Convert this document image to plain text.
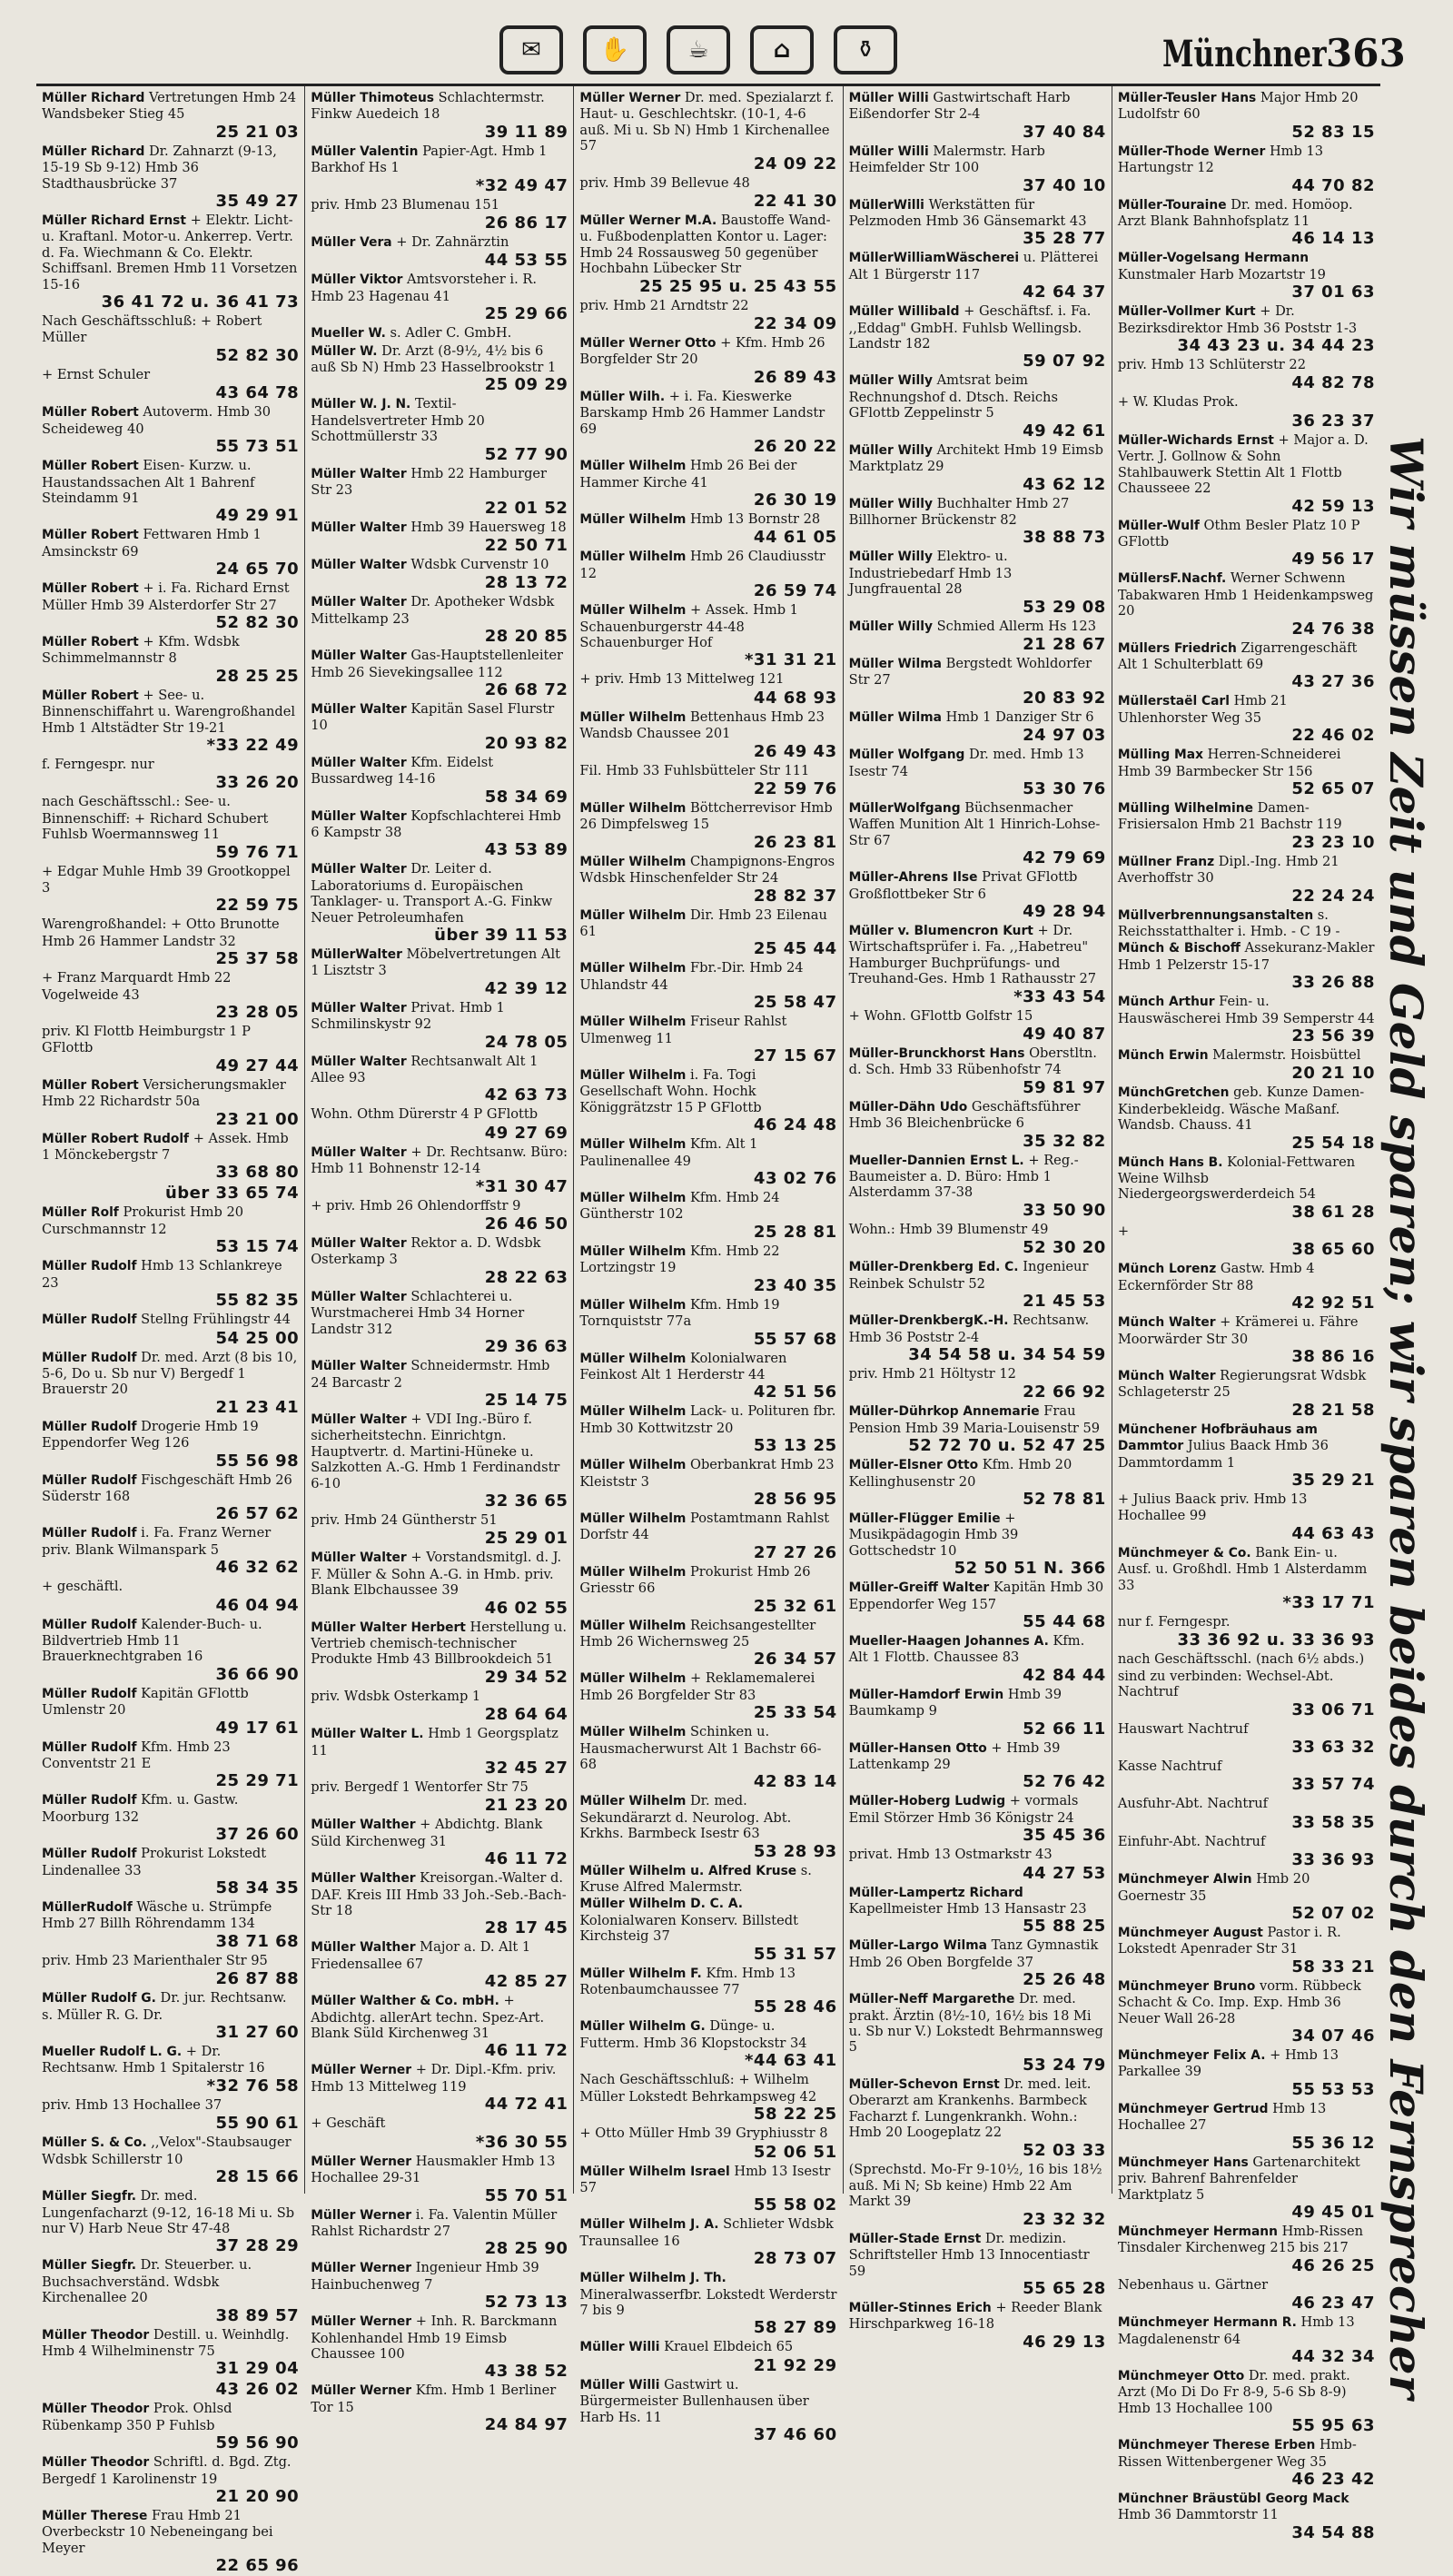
✉	✋	☕	⌂	⚱	Münchner 363
Müller Richard Vertretungen Hmb 24 Wandsbeker Stieg 45
25 21 03
Müller Richard Dr. Zahnarzt (9-13, 15-19 Sb 9-12) Hmb 36 Stadthausbrücke 37
35 49 27
Müller Richard Ernst + Elektr. Licht- u. Kraftanl. Motor-u. Ankerrep. Vertr. d. Fa. Wiechmann & Co. Elektr. Schiffsanl. Bremen Hmb 11 Vorsetzen 15-16
36 41 72 u. 36 41 73
Nach Geschäftsschluß: + Robert Müller
52 82 30
+ Ernst Schuler
43 64 78
Müller Robert Autoverm. Hmb 30 Scheideweg 40
55 73 51
Müller Robert Eisen- Kurzw. u. Haustandssachen Alt 1 Bahrenf Steindamm 91
49 29 91
Müller Robert Fettwaren Hmb 1 Amsinckstr 69
24 65 70
Müller Robert + i. Fa. Richard Ernst Müller Hmb 39 Alsterdorfer Str 27
52 82 30
Müller Robert + Kfm. Wdsbk Schimmelmannstr 8
28 25 25
Müller Robert + See- u. Binnenschiffahrt u. Warengroßhandel Hmb 1 Altstädter Str 19-21
*33 22 49
f. Ferngespr. nur
33 26 20
nach Geschäftsschl.: See- u. Binnenschiff: + Richard Schubert Fuhlsb Woermannsweg 11
59 76 71
+ Edgar Muhle Hmb 39 Grootkoppel 3
22 59 75
Warengroßhandel: + Otto Brunotte Hmb 26 Hammer Landstr 32
25 37 58
+ Franz Marquardt Hmb 22 Vogelweide 43
23 28 05
priv. Kl Flottb Heimburgstr 1 P GFlottb
49 27 44
Müller Robert Versicherungsmakler Hmb 22 Richardstr 50a
23 21 00
Müller Robert Rudolf + Assek. Hmb 1 Mönckebergstr 7
33 68 80
über 33 65 74
Müller Rolf Prokurist Hmb 20 Curschmannstr 12
53 15 74
Müller Rudolf Hmb 13 Schlankreye 23
55 82 35
Müller Rudolf Stellng Frühlingstr 44
54 25 00
Müller Rudolf Dr. med. Arzt (8 bis 10, 5-6, Do u. Sb nur V) Bergedf 1 Brauerstr 20
21 23 41
Müller Rudolf Drogerie Hmb 19 Eppendorfer Weg 126
55 56 98
Müller Rudolf Fischgeschäft Hmb 26 Süderstr 168
26 57 62
Müller Rudolf i. Fa. Franz Werner priv. Blank Wilmanspark 5
46 32 62
+ geschäftl.
46 04 94
Müller Rudolf Kalender-Buch- u. Bildvertrieb Hmb 11 Brauerknechtgraben 16
36 66 90
Müller Rudolf Kapitän GFlottb Umlenstr 20
49 17 61
Müller Rudolf Kfm. Hmb 23 Conventstr 21 E
25 29 71
Müller Rudolf Kfm. u. Gastw. Moorburg 132
37 26 60
Müller Rudolf Prokurist Lokstedt Lindenallee 33
58 34 35
MüllerRudolf Wäsche u. Strümpfe Hmb 27 Billh Röhrendamm 134
38 71 68
priv. Hmb 23 Marienthaler Str 95
26 87 88
Müller Rudolf G. Dr. jur. Rechtsanw. s. Müller R. G. Dr.
31 27 60
Mueller Rudolf L. G. + Dr. Rechtsanw. Hmb 1 Spitalerstr 16
*32 76 58
priv. Hmb 13 Hochallee 37
55 90 61
Müller S. & Co. ,,Velox"-Staubsauger Wdsbk Schillerstr 10
28 15 66
Müller Siegfr. Dr. med. Lungenfacharzt (9-12, 16-18 Mi u. Sb nur V) Harb Neue Str 47-48
37 28 29
Müller Siegfr. Dr. Steuerber. u. Buchsachverständ. Wdsbk Kirchenallee 20
38 89 57
Müller Theodor Destill. u. Weinhdlg. Hmb 4 Wilhelminenstr 75
31 29 04
43 26 02
Müller Theodor Prok. Ohlsd Rübenkamp 350 P Fuhlsb
59 56 90
Müller Theodor Schriftl. d. Bgd. Ztg. Bergedf 1 Karolinenstr 19
21 20 90
Müller Therese Frau Hmb 21 Overbeckstr 10 Nebeneingang bei Meyer
22 65 96
Müller Thimoteus Schlachtermstr. Finkw Auedeich 18
39 11 89
Müller Valentin Papier-Agt. Hmb 1 Barkhof Hs 1
*32 49 47
priv. Hmb 23 Blumenau 151
26 86 17
Müller Vera + Dr. Zahnärztin
44 53 55
Müller Viktor Amtsvorsteher i. R. Hmb 23 Hagenau 41
25 29 66
Mueller W. s. Adler C. GmbH.
Müller W. Dr. Arzt (8-9½, 4½ bis 6 auß Sb N) Hmb 23 Hasselbrookstr 1
25 09 29
Müller W. J. N. Textil-Handelsvertreter Hmb 20 Schottmüllerstr 33
52 77 90
Müller Walter Hmb 22 Hamburger Str 23
22 01 52
Müller Walter Hmb 39 Hauersweg 18
22 50 71
Müller Walter Wdsbk Curvenstr 10
28 13 72
Müller Walter Dr. Apotheker Wdsbk Mittelkamp 23
28 20 85
Müller Walter Gas-Hauptstellenleiter Hmb 26 Sievekingsallee 112
26 68 72
Müller Walter Kapitän Sasel Flurstr 10
20 93 82
Müller Walter Kfm. Eidelst Bussardweg 14-16
58 34 69
Müller Walter Kopfschlachterei Hmb 6 Kampstr 38
43 53 89
Müller Walter Dr. Leiter d. Laboratoriums d. Europäischen Tanklager- u. Transport A.-G. Finkw Neuer Petroleumhafen
über 39 11 53
MüllerWalter Möbelvertretungen Alt 1 Lisztstr 3
42 39 12
Müller Walter Privat. Hmb 1 Schmilinskystr 92
24 78 05
Müller Walter Rechtsanwalt Alt 1 Allee 93
42 63 73
Wohn. Othm Dürerstr 4 P GFlottb
49 27 69
Müller Walter + Dr. Rechtsanw. Büro: Hmb 11 Bohnenstr 12-14
*31 30 47
+ priv. Hmb 26 Ohlendorffstr 9
26 46 50
Müller Walter Rektor a. D. Wdsbk Osterkamp 3
28 22 63
Müller Walter Schlachterei u. Wurstmacherei Hmb 34 Horner Landstr 312
29 36 63
Müller Walter Schneidermstr. Hmb 24 Barcastr 2
25 14 75
Müller Walter + VDI Ing.-Büro f. sicherheitstechn. Einrichtgn. Hauptvertr. d. Martini-Hüneke u. Salzkotten A.-G. Hmb 1 Ferdinandstr 6-10
32 36 65
priv. Hmb 24 Güntherstr 51
25 29 01
Müller Walter + Vorstandsmitgl. d. J. F. Müller & Sohn A.-G. in Hmb. priv. Blank Elbchaussee 39
46 02 55
Müller Walter Herbert Herstellung u. Vertrieb chemisch-technischer Produkte Hmb 43 Billbrookdeich 51
29 34 52
priv. Wdsbk Osterkamp 1
28 64 64
Müller Walter L. Hmb 1 Georgsplatz 11
32 45 27
priv. Bergedf 1 Wentorfer Str 75
21 23 20
Müller Walther + Abdichtg. Blank Süld Kirchenweg 31
46 11 72
Müller Walther Kreisorgan.-Walter d. DAF. Kreis III Hmb 33 Joh.-Seb.-Bach-Str 18
28 17 45
Müller Walther Major a. D. Alt 1 Friedensallee 67
42 85 27
Müller Walther & Co. mbH. + Abdichtg. allerArt techn. Spez-Art. Blank Süld Kirchenweg 31
46 11 72
Müller Werner + Dr. Dipl.-Kfm. priv. Hmb 13 Mittelweg 119
44 72 41
+ Geschäft
*36 30 55
Müller Werner Hausmakler Hmb 13 Hochallee 29-31
55 70 51
Müller Werner i. Fa. Valentin Müller Rahlst Richardstr 27
28 25 90
Müller Werner Ingenieur Hmb 39 Hainbuchenweg 7
52 73 13
Müller Werner + Inh. R. Barckmann Kohlenhandel Hmb 19 Eimsb Chaussee 100
43 38 52
Müller Werner Kfm. Hmb 1 Berliner Tor 15
24 84 97
Müller Werner Dr. med. Spezialarzt f. Haut- u. Geschlechtskr. (10-1, 4-6 auß. Mi u. Sb N) Hmb 1 Kirchenallee 57
24 09 22
priv. Hmb 39 Bellevue 48
22 41 30
Müller Werner M.A. Baustoffe Wand- u. Fußbodenplatten Kontor u. Lager: Hmb 24 Rossausweg 50 gegenüber Hochbahn Lübecker Str
25 25 95 u. 25 43 55
priv. Hmb 21 Arndtstr 22
22 34 09
Müller Werner Otto + Kfm. Hmb 26 Borgfelder Str 20
26 89 43
Müller Wilh. + i. Fa. Kieswerke Barskamp Hmb 26 Hammer Landstr 69
26 20 22
Müller Wilhelm Hmb 26 Bei der Hammer Kirche 41
26 30 19
Müller Wilhelm Hmb 13 Bornstr 28
44 61 05
Müller Wilhelm Hmb 26 Claudiusstr 12
26 59 74
Müller Wilhelm + Assek. Hmb 1 Schauenburgerstr 44-48 Schauenburger Hof
*31 31 21
+ priv. Hmb 13 Mittelweg 121
44 68 93
Müller Wilhelm Bettenhaus Hmb 23 Wandsb Chaussee 201
26 49 43
Fil. Hmb 33 Fuhlsbütteler Str 111
22 59 76
Müller Wilhelm Böttcherrevisor Hmb 26 Dimpfelsweg 15
26 23 81
Müller Wilhelm Champignons-Engros Wdsbk Hinschenfelder Str 24
28 82 37
Müller Wilhelm Dir. Hmb 23 Eilenau 61
25 45 44
Müller Wilhelm Fbr.-Dir. Hmb 24 Uhlandstr 44
25 58 47
Müller Wilhelm Friseur Rahlst Ulmenweg 11
27 15 67
Müller Wilhelm i. Fa. Togi Gesellschaft Wohn. Hochk Königgrätzstr 15 P GFlottb
46 24 48
Müller Wilhelm Kfm. Alt 1 Paulinenallee 49
43 02 76
Müller Wilhelm Kfm. Hmb 24 Güntherstr 102
25 28 81
Müller Wilhelm Kfm. Hmb 22 Lortzingstr 19
23 40 35
Müller Wilhelm Kfm. Hmb 19 Tornquiststr 77a
55 57 68
Müller Wilhelm Kolonialwaren Feinkost Alt 1 Herderstr 44
42 51 56
Müller Wilhelm Lack- u. Polituren fbr. Hmb 30 Kottwitzstr 20
53 13 25
Müller Wilhelm Oberbankrat Hmb 23 Kleiststr 3
28 56 95
Müller Wilhelm Postamtmann Rahlst Dorfstr 44
27 27 26
Müller Wilhelm Prokurist Hmb 26 Griesstr 66
25 32 61
Müller Wilhelm Reichsangestellter Hmb 26 Wichernsweg 25
26 34 57
Müller Wilhelm + Reklamemalerei Hmb 26 Borgfelder Str 83
25 33 54
Müller Wilhelm Schinken u. Hausmacherwurst Alt 1 Bachstr 66-68
42 83 14
Müller Wilhelm Dr. med. Sekundärarzt d. Neurolog. Abt. Krkhs. Barmbeck Isestr 63
53 28 93
Müller Wilhelm u. Alfred Kruse s. Kruse Alfred Malermstr.
Müller Wilhelm D. C. A. Kolonialwaren Konserv. Billstedt Kirchsteig 37
55 31 57
Müller Wilhelm F. Kfm. Hmb 13 Rotenbaumchaussee 77
55 28 46
Müller Wilhelm G. Dünge- u. Futterm. Hmb 36 Klopstockstr 34
*44 63 41
Nach Geschäftsschluß: + Wilhelm Müller Lokstedt Behrkampsweg 42
58 22 25
+ Otto Müller Hmb 39 Gryphiusstr 8
52 06 51
Müller Wilhelm Israel Hmb 13 Isestr 57
55 58 02
Müller Wilhelm J. A. Schlieter Wdsbk Traunsallee 16
28 73 07
Müller Wilhelm J. Th. Mineralwasserfbr. Lokstedt Werderstr 7 bis 9
58 27 89
Müller Willi Krauel Elbdeich 65
21 92 29
Müller Willi Gastwirt u. Bürgermeister Bullenhausen über Harb Hs. 11
37 46 60
Müller Willi Gastwirtschaft Harb Eißendorfer Str 2-4
37 40 84
Müller Willi Malermstr. Harb Heimfelder Str 100
37 40 10
MüllerWilli Werkstätten für Pelzmoden Hmb 36 Gänsemarkt 43
35 28 77
MüllerWilliamWäscherei u. Plätterei Alt 1 Bürgerstr 117
42 64 37
Müller Willibald + Geschäftsf. i. Fa. ,,Eddag" GmbH. Fuhlsb Wellingsb. Landstr 182
59 07 92
Müller Willy Amtsrat beim Rechnungshof d. Dtsch. Reichs GFlottb Zeppelinstr 5
49 42 61
Müller Willy Architekt Hmb 19 Eimsb Marktplatz 29
43 62 12
Müller Willy Buchhalter Hmb 27 Billhorner Brückenstr 82
38 88 73
Müller Willy Elektro- u. Industriebedarf Hmb 13 Jungfrauental 28
53 29 08
Müller Willy Schmied Allerm Hs 123
21 28 67
Müller Wilma Bergstedt Wohldorfer Str 27
20 83 92
Müller Wilma Hmb 1 Danziger Str 6
24 97 03
Müller Wolfgang Dr. med. Hmb 13 Isestr 74
53 30 76
MüllerWolfgang Büchsenmacher Waffen Munition Alt 1 Hinrich-Lohse-Str 67
42 79 69
Müller-Ahrens Ilse Privat GFlottb Großflottbeker Str 6
49 28 94
Müller v. Blumencron Kurt + Dr. Wirtschaftsprüfer i. Fa. ,,Habetreu" Hamburger Buchprüfungs- und Treuhand-Ges. Hmb 1 Rathausstr 27
*33 43 54
+ Wohn. GFlottb Golfstr 15
49 40 87
Müller-Brunckhorst Hans Oberstltn. d. Sch. Hmb 33 Rübenhofstr 74
59 81 97
Müller-Dähn Udo Geschäftsführer Hmb 36 Bleichenbrücke 6
35 32 82
Mueller-Dannien Ernst L. + Reg.-Baumeister a. D. Büro: Hmb 1 Alsterdamm 37-38
33 50 90
Wohn.: Hmb 39 Blumenstr 49
52 30 20
Müller-Drenkberg Ed. C. Ingenieur Reinbek Schulstr 52
21 45 53
Müller-DrenkbergK.-H. Rechtsanw. Hmb 36 Poststr 2-4
34 54 58 u. 34 54 59
priv. Hmb 21 Höltystr 12
22 66 92
Müller-Dührkop Annemarie Frau Pension Hmb 39 Maria-Louisenstr 59
52 72 70 u. 52 47 25
Müller-Elsner Otto Kfm. Hmb 20 Kellinghusenstr 20
52 78 81
Müller-Flügger Emilie + Musikpädagogin Hmb 39 Gottschedstr 10
52 50 51 N. 366
Müller-Greiff Walter Kapitän Hmb 30 Eppendorfer Weg 157
55 44 68
Mueller-Haagen Johannes A. Kfm. Alt 1 Flottb. Chaussee 83
42 84 44
Müller-Hamdorf Erwin Hmb 39 Baumkamp 9
52 66 11
Müller-Hansen Otto + Hmb 39 Lattenkamp 29
52 76 42
Müller-Hoberg Ludwig + vormals Emil Störzer Hmb 36 Königstr 24
35 45 36
privat. Hmb 13 Ostmarkstr 43
44 27 53
Müller-Lampertz Richard Kapellmeister Hmb 13 Hansastr 23
55 88 25
Müller-Largo Wilma Tanz Gymnastik Hmb 26 Oben Borgfelde 37
25 26 48
Müller-Neff Margarethe Dr. med. prakt. Ärztin (8½-10, 16½ bis 18 Mi u. Sb nur V.) Lokstedt Behrmannsweg 5
53 24 79
Müller-Schevon Ernst Dr. med. leit. Oberarzt am Krankenhs. Barmbeck Facharzt f. Lungenkrankh. Wohn.: Hmb 20 Loogeplatz 22
52 03 33
(Sprechstd. Mo-Fr 9-10½, 16 bis 18½ auß. Mi N; Sb keine) Hmb 22 Am Markt 39
23 32 32
Müller-Stade Ernst Dr. medizin. Schriftsteller Hmb 13 Innocentiastr 59
55 65 28
Müller-Stinnes Erich + Reeder Blank Hirschparkweg 16-18
46 29 13
Müller-Teusler Hans Major Hmb 20 Ludolfstr 60
52 83 15
Müller-Thode Werner Hmb 13 Hartungstr 12
44 70 82
Müller-Touraine Dr. med. Homöop. Arzt Blank Bahnhofsplatz 11
46 14 13
Müller-Vogelsang Hermann Kunstmaler Harb Mozartstr 19
37 01 63
Müller-Vollmer Kurt + Dr. Bezirksdirektor Hmb 36 Poststr 1-3
34 43 23 u. 34 44 23
priv. Hmb 13 Schlüterstr 22
44 82 78
+ W. Kludas Prok.
36 23 37
Müller-Wichards Ernst + Major a. D. Vertr. J. Gollnow & Sohn Stahlbauwerk Stettin Alt 1 Flottb Chausseee 22
42 59 13
Müller-Wulf Othm Besler Platz 10 P GFlottb
49 56 17
MüllersF.Nachf. Werner Schwenn Tabakwaren Hmb 1 Heidenkampsweg 20
24 76 38
Müllers Friedrich Zigarrengeschäft Alt 1 Schulterblatt 69
43 27 36
Müllerstaël Carl Hmb 21 Uhlenhorster Weg 35
22 46 02
Mülling Max Herren-Schneiderei Hmb 39 Barmbecker Str 156
52 65 07
Mülling Wilhelmine Damen-Frisiersalon Hmb 21 Bachstr 119
23 23 10
Müllner Franz Dipl.-Ing. Hmb 21 Averhoffstr 30
22 24 24
Müllverbrennungsanstalten s. Reichsstatthalter i. Hmb. - C 19 -
Münch & Bischoff Assekuranz-Makler Hmb 1 Pelzerstr 15-17
33 26 88
Münch Arthur Fein- u. Hauswäscherei Hmb 39 Semperstr 44
23 56 39
Münch Erwin Malermstr. Hoisbüttel
20 21 10
MünchGretchen geb. Kunze Damen-Kinderbekleidg. Wäsche Maßanf. Wandsb. Chauss. 41
25 54 18
Münch Hans B. Kolonial-Fettwaren Weine Wilhsb Niedergeorgswerderdeich 54
38 61 28
+
38 65 60
Münch Lorenz Gastw. Hmb 4 Eckernförder Str 88
42 92 51
Münch Walter + Krämerei u. Fähre Moorwärder Str 30
38 86 16
Münch Walter Regierungsrat Wdsbk Schlageterstr 25
28 21 58
Münchener Hofbräuhaus am Dammtor Julius Baack Hmb 36 Dammtordamm 1
35 29 21
+ Julius Baack priv. Hmb 13 Hochallee 99
44 63 43
Münchmeyer & Co. Bank Ein- u. Ausf. u. Großhdl. Hmb 1 Alsterdamm 33
*33 17 71
nur f. Ferngespr.
33 36 92 u. 33 36 93
nach Geschäftsschl. (nach 6½ abds.) sind zu verbinden: Wechsel-Abt. Nachtruf
33 06 71
Hauswart Nachtruf
33 63 32
Kasse Nachtruf
33 57 74
Ausfuhr-Abt. Nachtruf
33 58 35
Einfuhr-Abt. Nachtruf
33 36 93
Münchmeyer Alwin Hmb 20 Goernestr 35
52 07 02
Münchmeyer August Pastor i. R. Lokstedt Apenrader Str 31
58 33 21
Münchmeyer Bruno vorm. Rübbeck Schacht & Co. Imp. Exp. Hmb 36 Neuer Wall 26-28
34 07 46
Münchmeyer Felix A. + Hmb 13 Parkallee 39
55 53 53
Münchmeyer Gertrud Hmb 13 Hochallee 27
55 36 12
Münchmeyer Hans Gartenarchitekt priv. Bahrenf Bahrenfelder Marktplatz 5
49 45 01
Münchmeyer Hermann Hmb-Rissen Tinsdaler Kirchenweg 215 bis 217
46 26 25
Nebenhaus u. Gärtner
46 23 47
Münchmeyer Hermann R. Hmb 13 Magdalenenstr 64
44 32 34
Münchmeyer Otto Dr. med. prakt. Arzt (Mo Di Do Fr 8-9, 5-6 Sb 8-9) Hmb 13 Hochallee 100
55 95 63
Münchmeyer Therese Erben Hmb-Rissen Wittenbergener Weg 35
46 23 42
Münchner Bräustübl Georg Mack Hmb 36 Dammtorstr 11
34 54 88
Wir müssen Zeit und Geld sparen; wir sparen beides durch den Fernsprecher
